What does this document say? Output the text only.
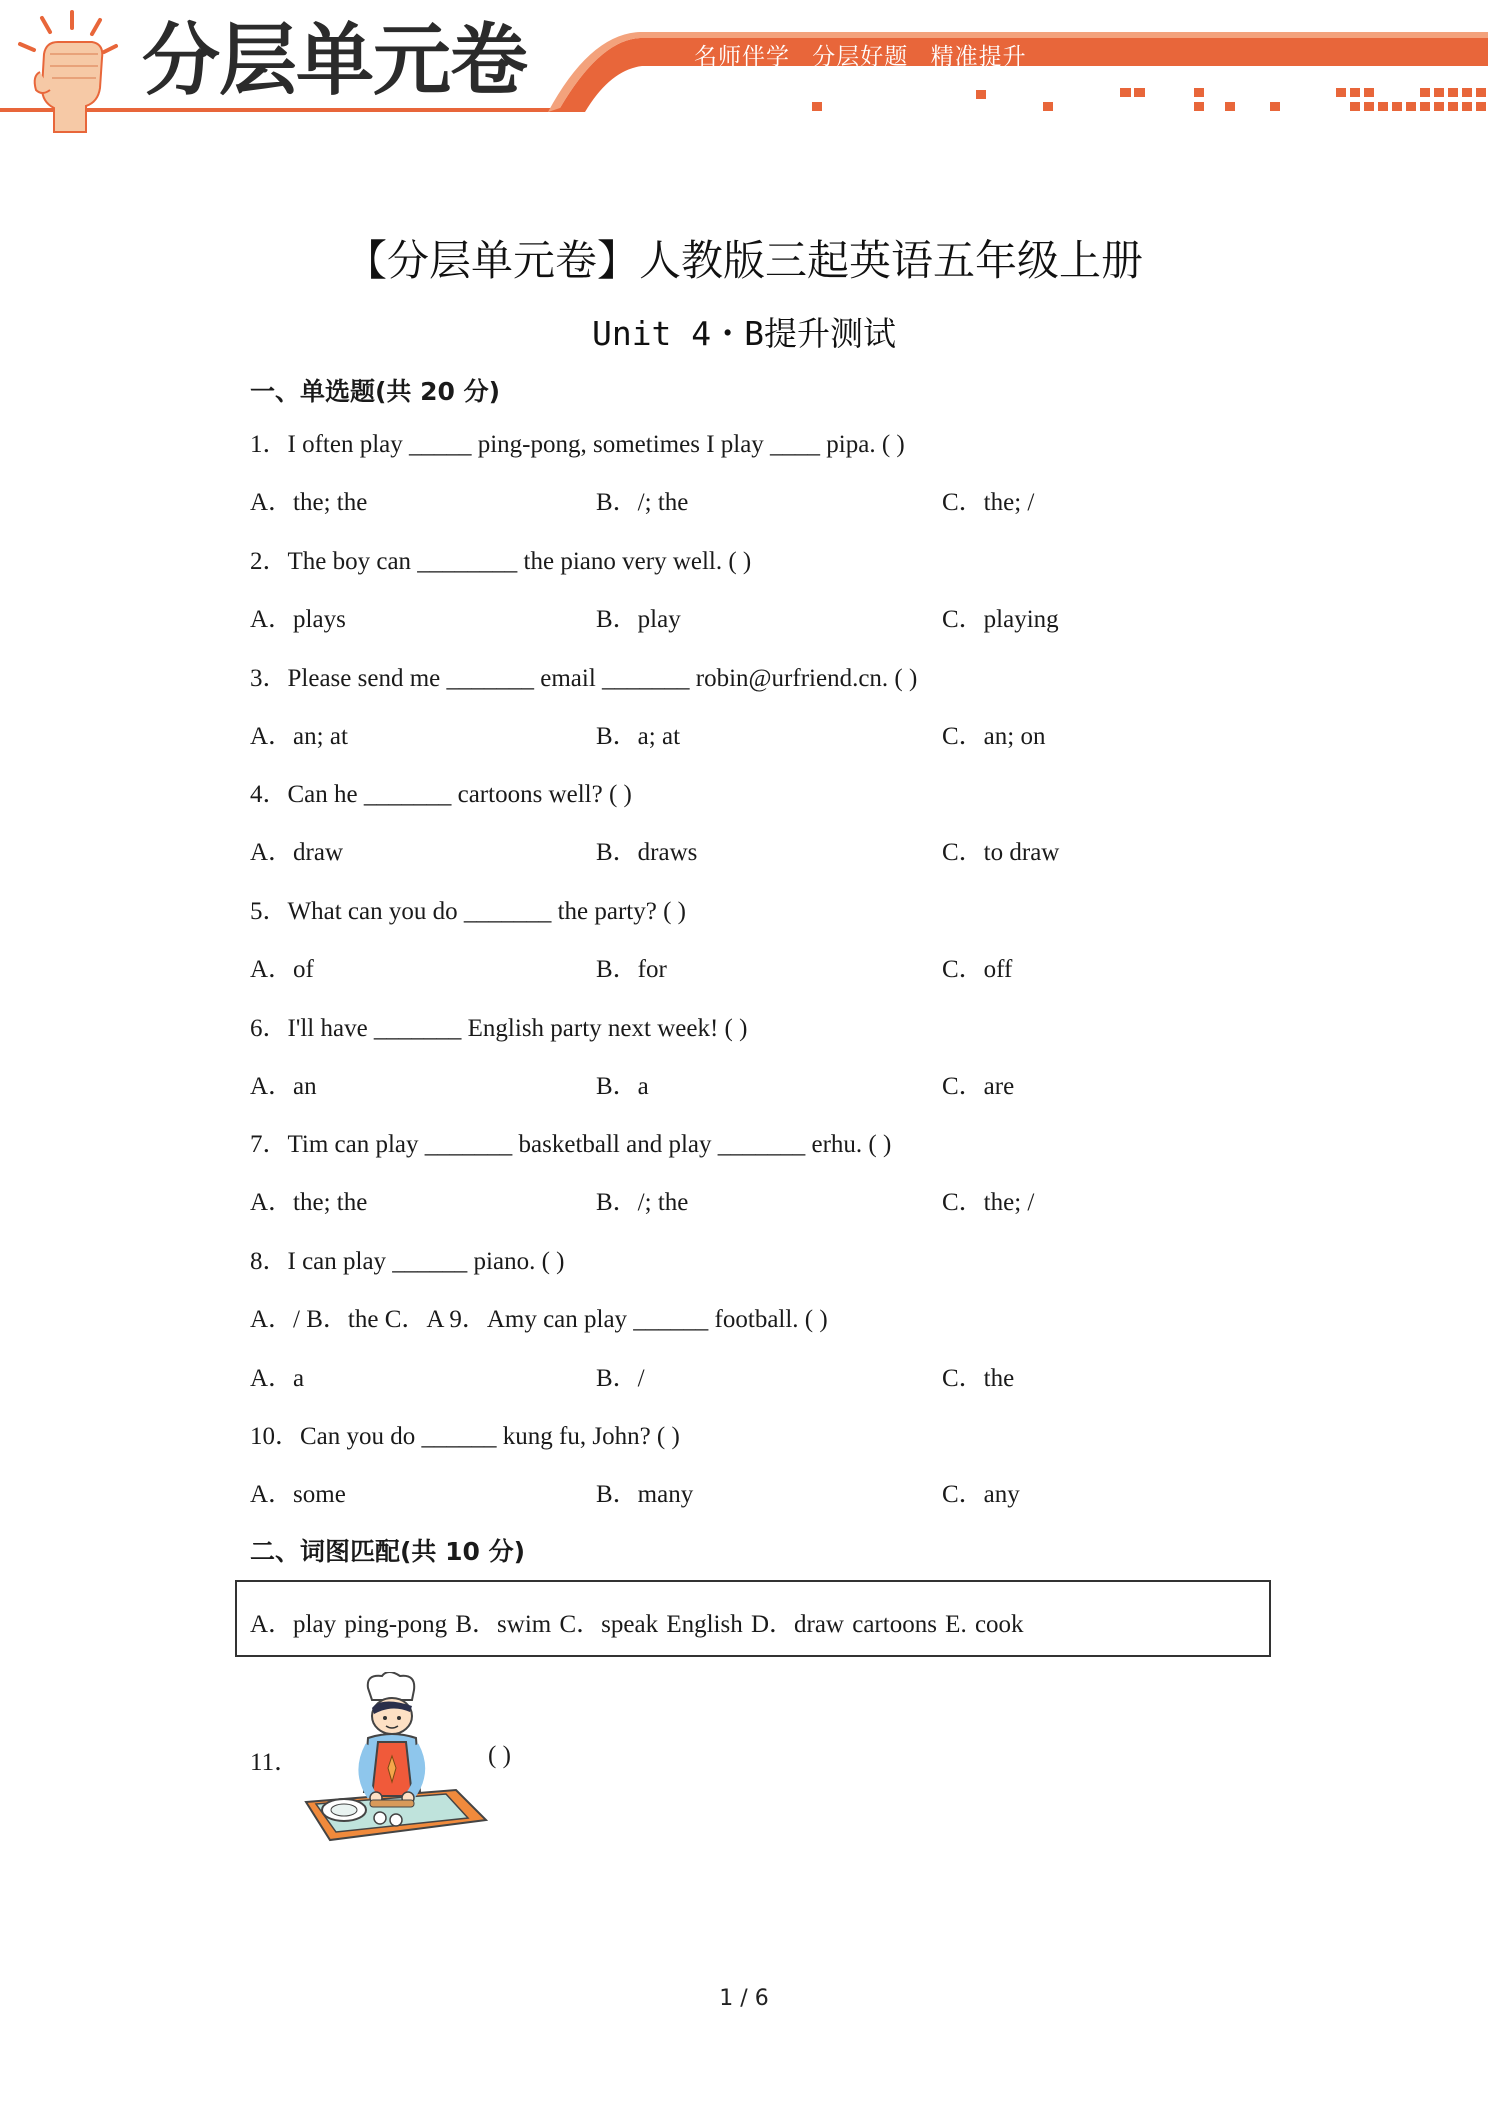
分层单元卷	名师伴学 分层好题 精准提升
【分层单元卷】人教版三起英语五年级上册
Unit 4・B提升测试
一、单选题(共 20 分)
1．I often play _____ ping-pong, sometimes I play ____ pipa. ( )
A．the; the	B．/; the	C．the; /
2．The boy can ________ the piano very well. ( )
A．plays	B．play	C．playing
3．Please send me _______ email _______ robin@urfriend.cn. ( )
A．an; at	B．a; at	C．an; on
4．Can he _______ cartoons well? ( )
A．draw	B．draws	C．to draw
5．What can you do _______ the party? ( )
A．of	B．for	C．off
6．I'll have _______ English party next week! ( )
A．an	B．a	C．are
7．Tim can play _______ basketball and play _______ erhu. ( )
A．the; the	B．/; the	C．the; /
8．I can play ______ piano. ( )
A．/ B．the C．A 9．Amy can play ______ football. ( )
A．a	B．/	C．the
10．Can you do ______ kung fu, John? ( )
A．some	B．many	C．any
二、词图匹配(共 10 分)
A．play ping-pong B．swim C．speak English D．draw cartoons E. cook
11．	( )
1 / 6
